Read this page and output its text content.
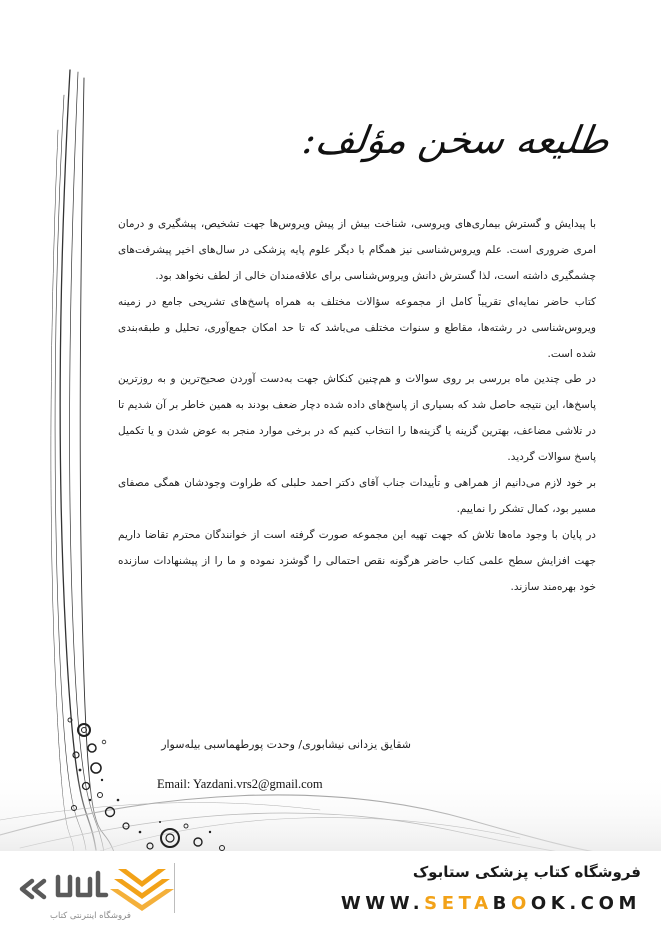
طليعه سخن مؤلف:

با پیدایش و گسترش بیماری‌های ویروسی، شناخت بیش از پیش ویروس‌ها جهت تشخیص، پیشگیری و درمان امری ضروری است. علم ویروس‌شناسی نیز همگام با دیگر علوم پایه پزشکی در سال‌های اخیر پیشرفت‌های چشمگیری داشته است، لذا گسترش دانش ویروس‌شناسی برای علاقه‌مندان خالی از لطف نخواهد بود.

کتاب حاضر نمایه‌ای تقریباً کامل از مجموعه سؤالات مختلف به همراه پاسخ‌های تشریحی جامع در زمینه ویروس‌شناسی در رشته‌ها، مقاطع و سنوات مختلف می‌باشد که تا حد امکان جمع‌آوری، تحلیل و طبقه‌بندی شده است.

در طی چندین ماه بررسی بر روی سوالات و هم‌چنین کنکاش جهت به‌دست آوردن صحیح‌ترین و به روزترین پاسخ‌ها، این نتیجه حاصل شد که بسیاری از پاسخ‌های داده شده دچار ضعف بودند به همین خاطر بر آن شدیم تا در تلاشی مضاعف، بهترین گزینه یا گزینه‌ها را انتخاب کنیم که در برخی موارد منجر به عوض شدن و یا تکمیل پاسخ سوالات گردید.

بر خود لازم می‌دانیم از همراهی و تأییدات جناب آقای دکتر احمد حلبلی که طراوت وجودشان همگی مصفای مسیر بود، کمال تشکر را نماییم.

در پایان با وجود ماه‌ها تلاش که جهت تهیه این مجموعه صورت گرفته است از خوانندگان محترم تقاضا داریم جهت افزایش سطح علمی کتاب حاضر هرگونه نقص احتمالی را گوشزد نموده و ما را از پیشنهادات سازنده خود بهره‌مند سازند.

شقایق یزدانی نیشابوری/ وحدت پورطهماسبی بیله‌سوار
Email: Yazdani.vrs2@gmail.com
فروشگاه اینترنتی کتاب
فروشگاه کتاب پزشکی ستابوک
WWW.SETABOOK.COM
